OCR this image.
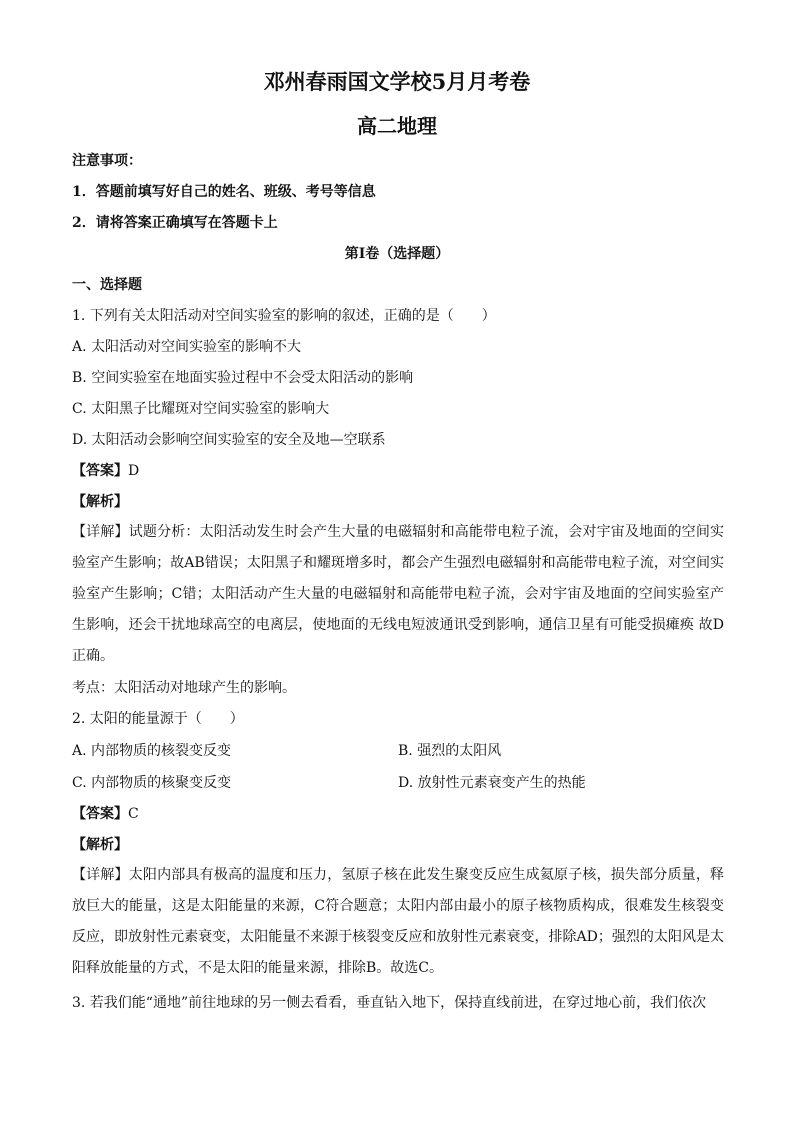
邓州春雨国文学校5月月考卷
高二地理
注意事项：
1．答题前填写好自己的姓名、班级、考号等信息
2．请将答案正确填写在答题卡上
第I卷（选择题）
一、选择题
1. 下列有关太阳活动对空间实验室的影响的叙述，正确的是（　　）
A. 太阳活动对空间实验室的影响不大
B. 空间实验室在地面实验过程中不会受太阳活动的影响
C. 太阳黑子比耀斑对空间实验室的影响大
D. 太阳活动会影响空间实验室的安全及地—空联系
【答案】D
【解析】
【详解】试题分析：太阳活动发生时会产生大量的电磁辐射和高能带电粒子流，会对宇宙及地面的空间实验室产生影响；故AB错误；太阳黑子和耀斑增多时，都会产生强烈电磁辐射和高能带电粒子流，对空间实验室产生影响；C错；太阳活动产生大量的电磁辐射和高能带电粒子流，会对宇宙及地面的空间实验室产生影响，还会干扰地球高空的电离层，使地面的无线电短波通讯受到影响，通信卫星有可能受损瘫痪 故D正确。
考点：太阳活动对地球产生的影响。
2. 太阳的能量源于（　　）
A. 内部物质的核裂变反变	B. 强烈的太阳风
C. 内部物质的核聚变反变	D. 放射性元素衰变产生的热能
【答案】C
【解析】
【详解】太阳内部具有极高的温度和压力，氢原子核在此发生聚变反应生成氦原子核，损失部分质量，释放巨大的能量，这是太阳能量的来源，C符合题意；太阳内部由最小的原子核物质构成，很难发生核裂变反应，即放射性元素衰变，太阳能量不来源于核裂变反应和放射性元素衰变，排除AD；强烈的太阳风是太阳释放能量的方式，不是太阳的能量来源，排除B。故选C。
3. 若我们能“通地”前往地球的另一侧去看看，垂直钻入地下，保持直线前进，在穿过地心前，我们依次
